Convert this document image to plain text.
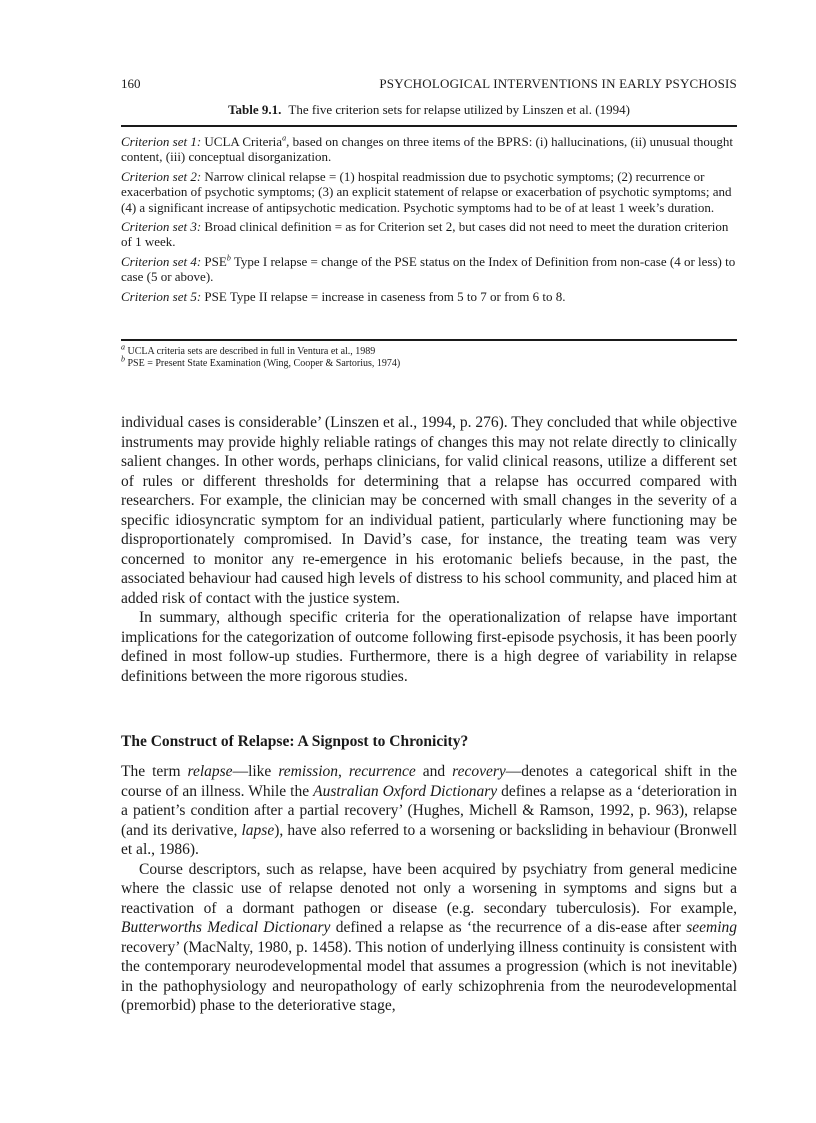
160	PSYCHOLOGICAL INTERVENTIONS IN EARLY PSYCHOSIS
Table 9.1. The five criterion sets for relapse utilized by Linszen et al. (1994)
Criterion set 1: UCLA Criteria$^a$, based on changes on three items of the BPRS: (i) hallucinations, (ii) unusual thought content, (iii) conceptual disorganization.
Criterion set 2: Narrow clinical relapse = (1) hospital readmission due to psychotic symptoms; (2) recurrence or exacerbation of psychotic symptoms; (3) an explicit statement of relapse or exacerbation of psychotic symptoms; and (4) a significant increase of antipsychotic medication. Psychotic symptoms had to be of at least 1 week’s duration.
Criterion set 3: Broad clinical definition = as for Criterion set 2, but cases did not need to meet the duration criterion of 1 week.
Criterion set 4: PSE$^b$ Type I relapse = change of the PSE status on the Index of Definition from non-case (4 or less) to case (5 or above).
Criterion set 5: PSE Type II relapse = increase in caseness from 5 to 7 or from 6 to 8.
$^a$ UCLA criteria sets are described in full in Ventura et al., 1989
$^b$ PSE = Present State Examination (Wing, Cooper & Sartorius, 1974)

individual cases is considerable’ (Linszen et al., 1994, p. 276). They concluded that while objective instruments may provide highly reliable ratings of changes this may not relate directly to clinically salient changes. In other words, perhaps clinicians, for valid clinical reasons, utilize a different set of rules or different thresholds for determining that a relapse has occurred compared with researchers. For example, the clinician may be concerned with small changes in the severity of a specific idiosyncratic symptom for an individual patient, particularly where functioning may be disproportionately compromised. In David’s case, for instance, the treating team was very concerned to monitor any re-emergence in his erotomanic beliefs because, in the past, the associated behaviour had caused high levels of distress to his school community, and placed him at added risk of contact with the justice system.

In summary, although specific criteria for the operationalization of relapse have important implications for the categorization of outcome following first-episode psychosis, it has been poorly defined in most follow-up studies. Furthermore, there is a high degree of variability in relapse definitions between the more rigorous studies.

The Construct of Relapse: A Signpost to Chronicity?

The term relapse—like remission, recurrence and recovery—denotes a categorical shift in the course of an illness. While the Australian Oxford Dictionary defines a relapse as a ‘deterioration in a patient’s condition after a partial recovery’ (Hughes, Michell & Ramson, 1992, p. 963), relapse (and its derivative, lapse), have also referred to a worsening or backsliding in behaviour (Bronwell et al., 1986).

Course descriptors, such as relapse, have been acquired by psychiatry from general medicine where the classic use of relapse denoted not only a worsening in symptoms and signs but a reactivation of a dormant pathogen or disease (e.g. secondary tuberculosis). For example, Butterworths Medical Dictionary defined a relapse as ‘the recurrence of a dis-ease after seeming recovery’ (MacNalty, 1980, p. 1458). This notion of underlying illness continuity is consistent with the contemporary neurodevelopmental model that assumes a progression (which is not inevitable) in the pathophysiology and neuropathology of early schizophrenia from the neurodevelopmental (premorbid) phase to the deteriorative stage,
